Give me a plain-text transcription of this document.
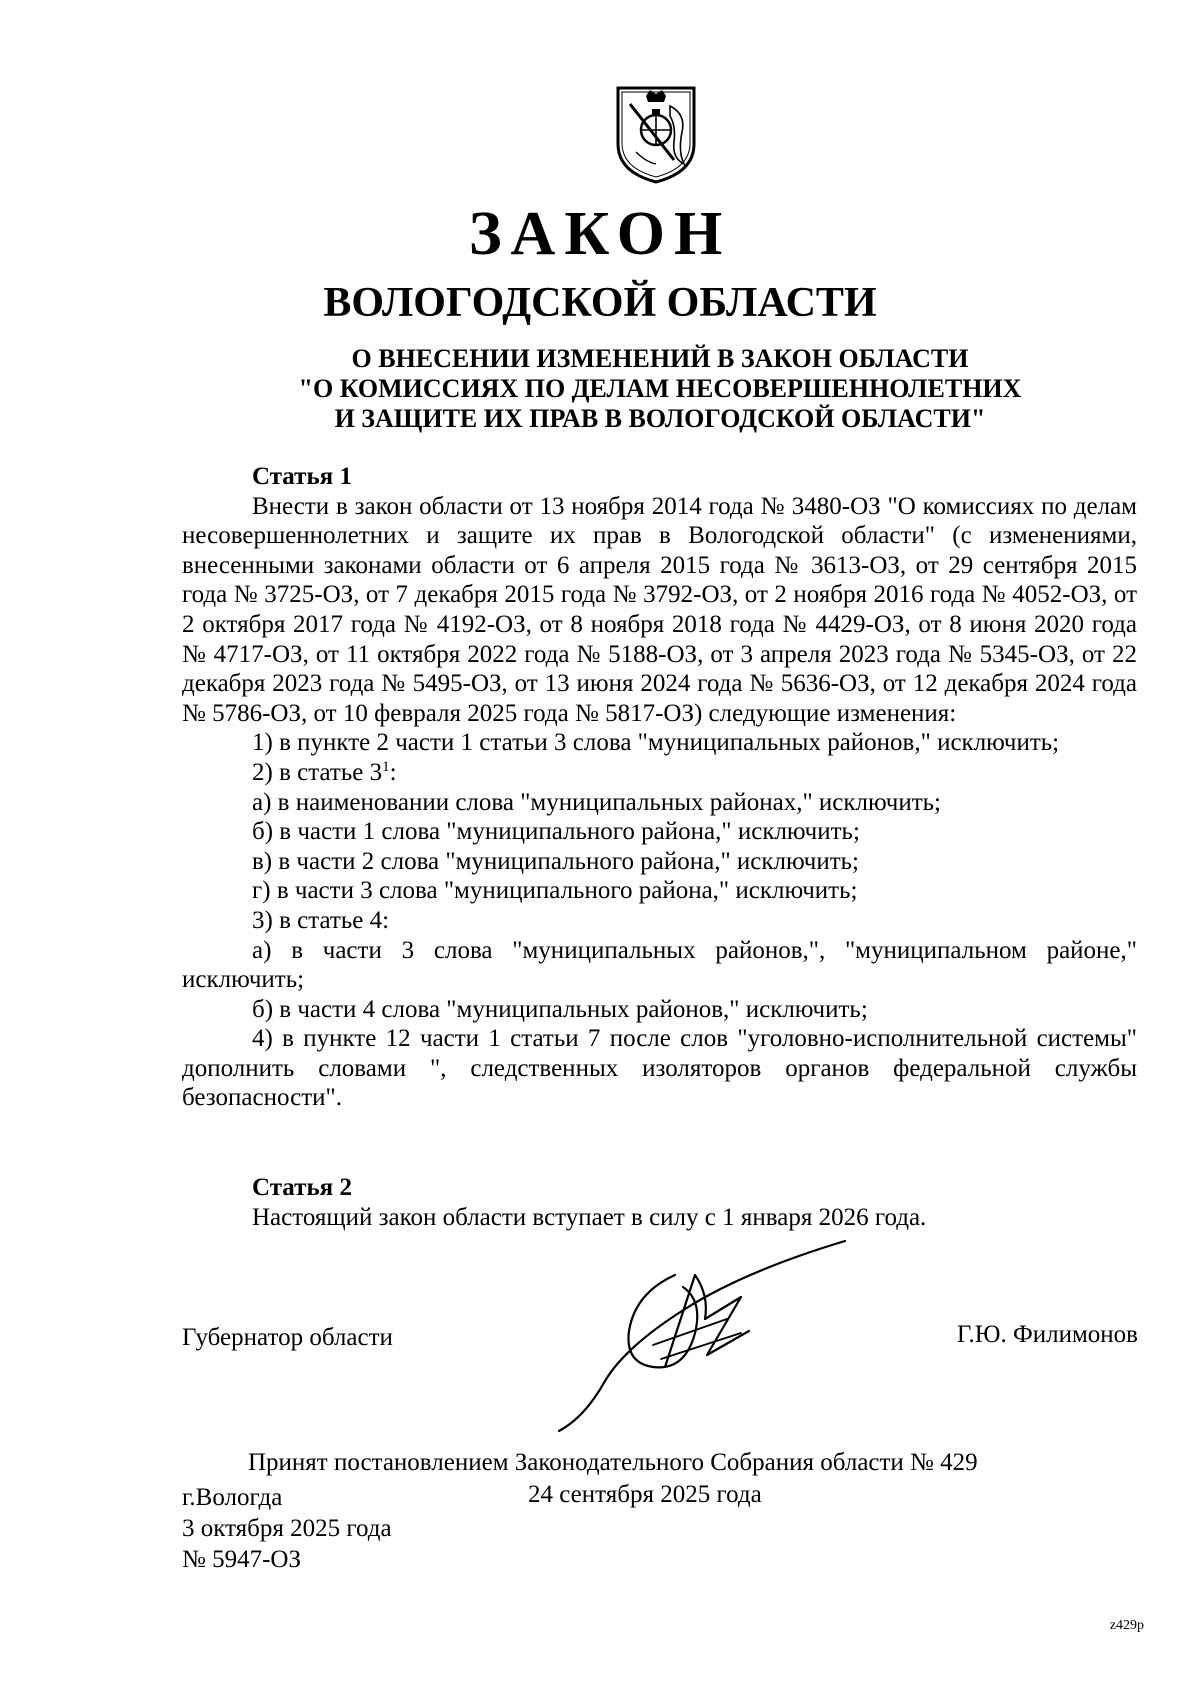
ЗАКОН
ВОЛОГОДСКОЙ ОБЛАСТИ
О ВНЕСЕНИИ ИЗМЕНЕНИЙ В ЗАКОН ОБЛАСТИ
"О КОМИССИЯХ ПО ДЕЛАМ НЕСОВЕРШЕННОЛЕТНИХ
И ЗАЩИТЕ ИХ ПРАВ В ВОЛОГОДСКОЙ ОБЛАСТИ"
Статья 1

Внести в закон области от 13 ноября 2014 года № 3480-ОЗ "О комиссиях по делам несовершеннолетних и защите их прав в Вологодской области" (с изменениями, внесенными законами области от 6 апреля 2015 года № 3613-ОЗ, от 29 сентября 2015 года № 3725-ОЗ, от 7 декабря 2015 года № 3792-ОЗ, от 2 ноября 2016 года № 4052-ОЗ, от 2 октября 2017 года № 4192-ОЗ, от 8 ноября 2018 года № 4429-ОЗ, от 8 июня 2020 года № 4717-ОЗ, от 11 октября 2022 года № 5188-ОЗ, от 3 апреля 2023 года № 5345-ОЗ, от 22 декабря 2023 года № 5495-ОЗ, от 13 июня 2024 года № 5636-ОЗ, от 12 декабря 2024 года № 5786-ОЗ, от 10 февраля 2025 года № 5817-ОЗ) следующие изменения:

1) в пункте 2 части 1 статьи 3 слова "муниципальных районов," исключить;

2) в статье $3^1$:

а) в наименовании слова "муниципальных районах," исключить;

б) в части 1 слова "муниципального района," исключить;

в) в части 2 слова "муниципального района," исключить;

г) в части 3 слова "муниципального района," исключить;

3) в статье 4:

а) в части 3 слова "муниципальных районов,", "муниципальном районе," исключить;

б) в части 4 слова "муниципальных районов," исключить;

4) в пункте 12 части 1 статьи 7 после слов "уголовно-исполнительной системы" дополнить словами ", следственных изоляторов органов федеральной службы безопасности".

Статья 2

Настоящий закон области вступает в силу с 1 января 2026 года.

Губернатор области	Г.Ю. Филимонов
Принят постановлением Законодательного Собрания области № 429
24 сентября 2025 года
г.Вологда
3 октября 2025 года
№ 5947-ОЗ
z429p
